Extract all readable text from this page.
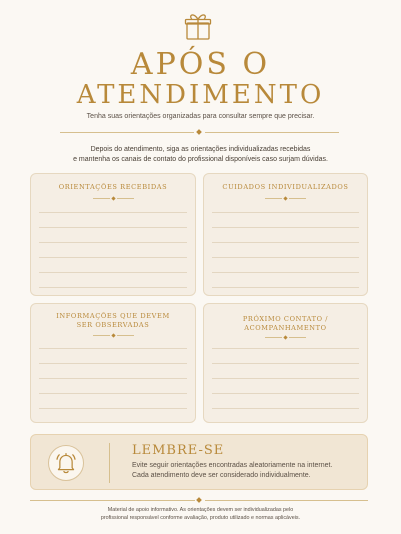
APÓS O
ATENDIMENTO
Tenha suas orientações organizadas para consultar sempre que precisar.
Depois do atendimento, siga as orientações individualizadas recebidas
e mantenha os canais de contato do profissional disponíveis caso surjam dúvidas.
ORIENTAÇÕES RECEBIDAS	CUIDADOS INDIVIDUALIZADOS
INFORMAÇÕES QUE DEVEM
SER OBSERVADAS
PRÓXIMO CONTATO /
ACOMPANHAMENTO
LEMBRE-SE
Evite seguir orientações encontradas aleatoriamente na internet.
Cada atendimento deve ser considerado individualmente.
Material de apoio informativo. As orientações devem ser individualizadas pelo
profissional responsável conforme avaliação, produto utilizado e normas aplicáveis.
